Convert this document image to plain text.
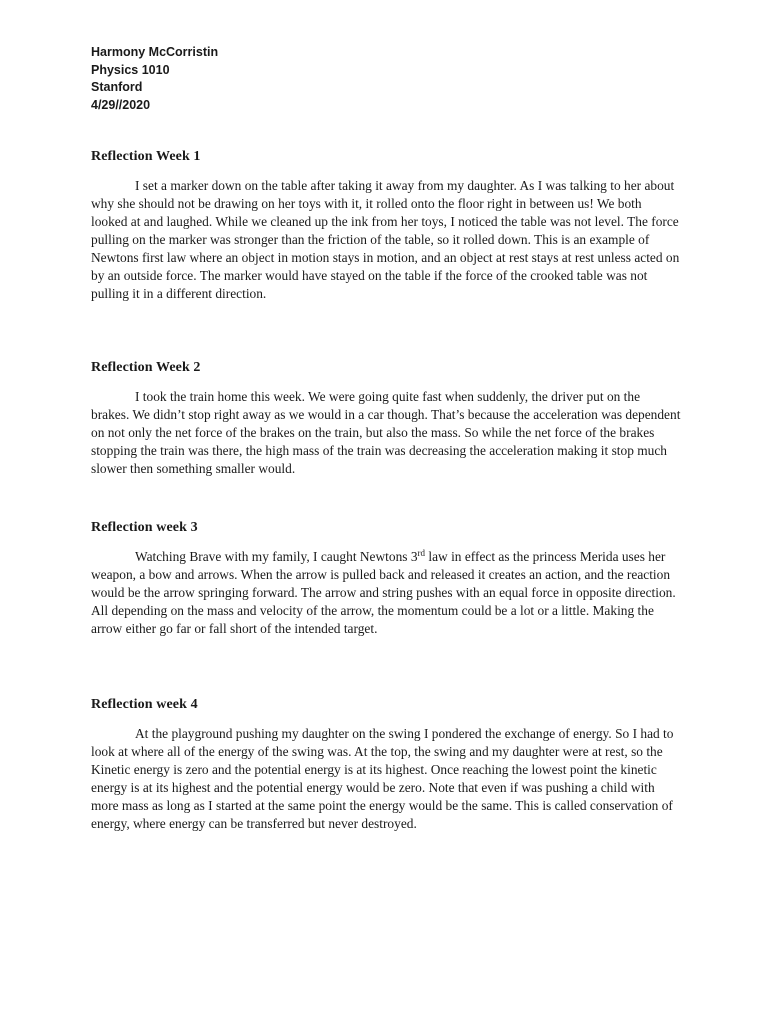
Harmony McCorristin
Physics 1010
Stanford
4/29//2020
Reflection Week 1

I set a marker down on the table after taking it away from my daughter. As I was talking to her about why she should not be drawing on her toys with it, it rolled onto the floor right in between us! We both looked at and laughed. While we cleaned up the ink from her toys, I noticed the table was not level. The force pulling on the marker was stronger than the friction of the table, so it rolled down. This is an example of Newtons first law where an object in motion stays in motion, and an object at rest stays at rest unless acted on by an outside force. The marker would have stayed on the table if the force of the crooked table was not pulling it in a different direction.

Reflection Week 2

I took the train home this week. We were going quite fast when suddenly, the driver put on the brakes. We didn’t stop right away as we would in a car though. That’s because the acceleration was dependent on not only the net force of the brakes on the train, but also the mass. So while the net force of the brakes stopping the train was there, the high mass of the train was decreasing the acceleration making it stop much slower then something smaller would.

Reflection week 3

Watching Brave with my family, I caught Newtons 3rd law in effect as the princess Merida uses her weapon, a bow and arrows. When the arrow is pulled back and released it creates an action, and the reaction would be the arrow springing forward. The arrow and string pushes with an equal force in opposite direction. All depending on the mass and velocity of the arrow, the momentum could be a lot or a little. Making the arrow either go far or fall short of the intended target.

Reflection week 4

At the playground pushing my daughter on the swing I pondered the exchange of energy. So I had to look at where all of the energy of the swing was. At the top, the swing and my daughter were at rest, so the Kinetic energy is zero and the potential energy is at its highest. Once reaching the lowest point the kinetic energy is at its highest and the potential energy would be zero. Note that even if was pushing a child with more mass as long as I started at the same point the energy would be the same. This is called conservation of energy, where energy can be transferred but never destroyed.
